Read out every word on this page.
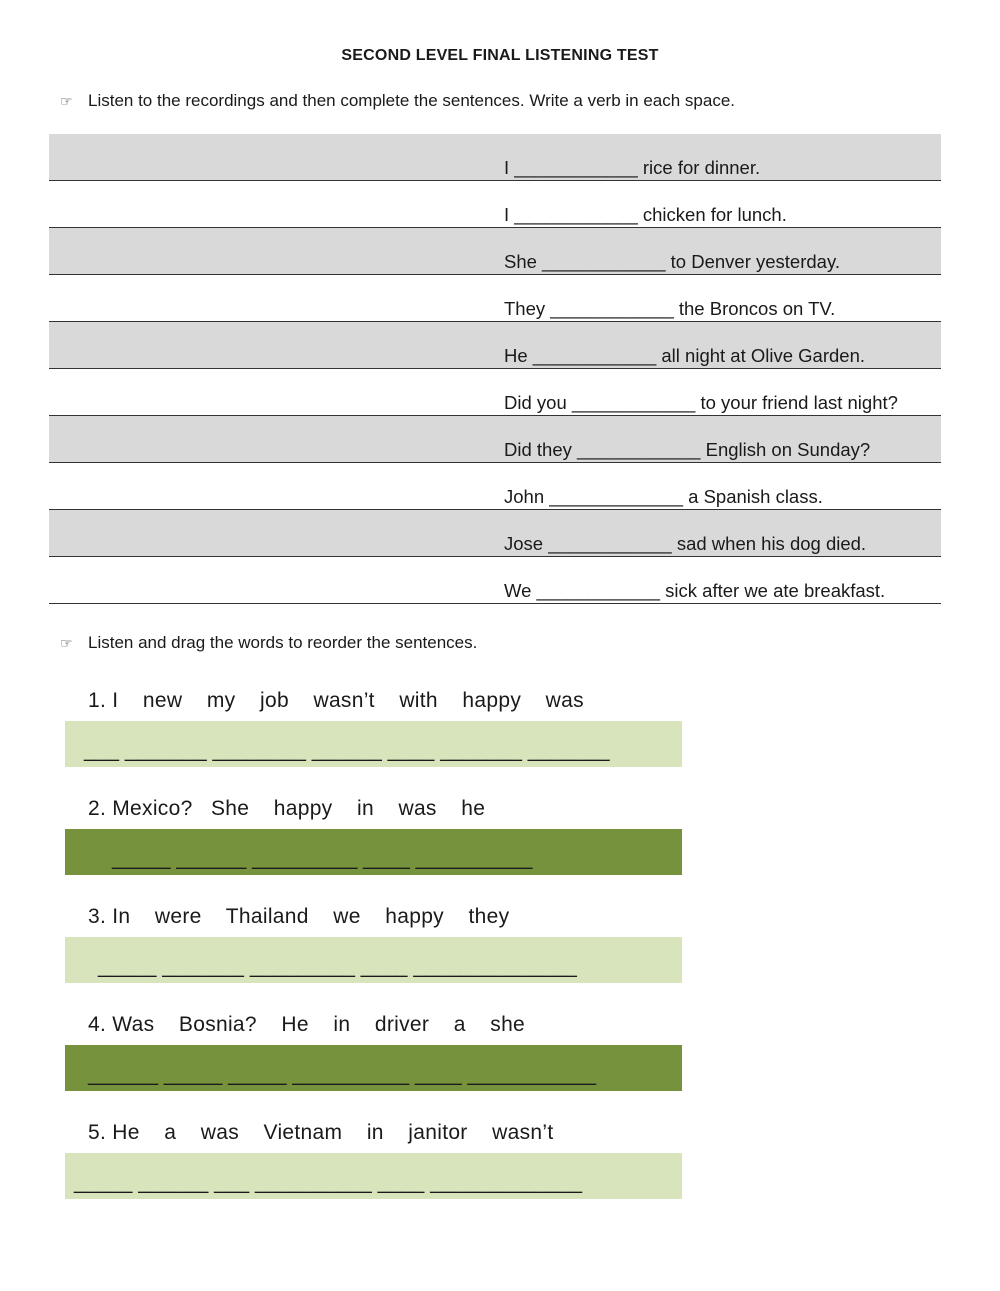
SECOND LEVEL FINAL LISTENING TEST
☞ Listen to the recordings and then complete the sentences. Write a verb in each space.
I ____________ rice for dinner.
I ____________ chicken for lunch.
She ____________ to Denver yesterday.
They ____________ the Broncos on TV.
He ____________ all night at Olive Garden.
Did you ____________ to your friend last night?
Did they ____________ English on Sunday?
John _____________ a Spanish class.
Jose ____________ sad when his dog died.
We ____________ sick after we ate breakfast.
☞ Listen and drag the words to reorder the sentences.
1. I    new    my    job    wasn’t    with    happy    was
___ _______ ________ ______ ____ _______ _______
2. Mexico?   She    happy    in    was    he
_____ ______ _________ ____ __________
3. In    were    Thailand    we    happy    they
_____ _______ _________ ____ ______________
4. Was    Bosnia?    He    in    driver    a    she
______ _____ _____ __________ ____ ___________
5. He    a    was    Vietnam    in    janitor    wasn’t
_____ ______ ___ __________ ____ _____________
